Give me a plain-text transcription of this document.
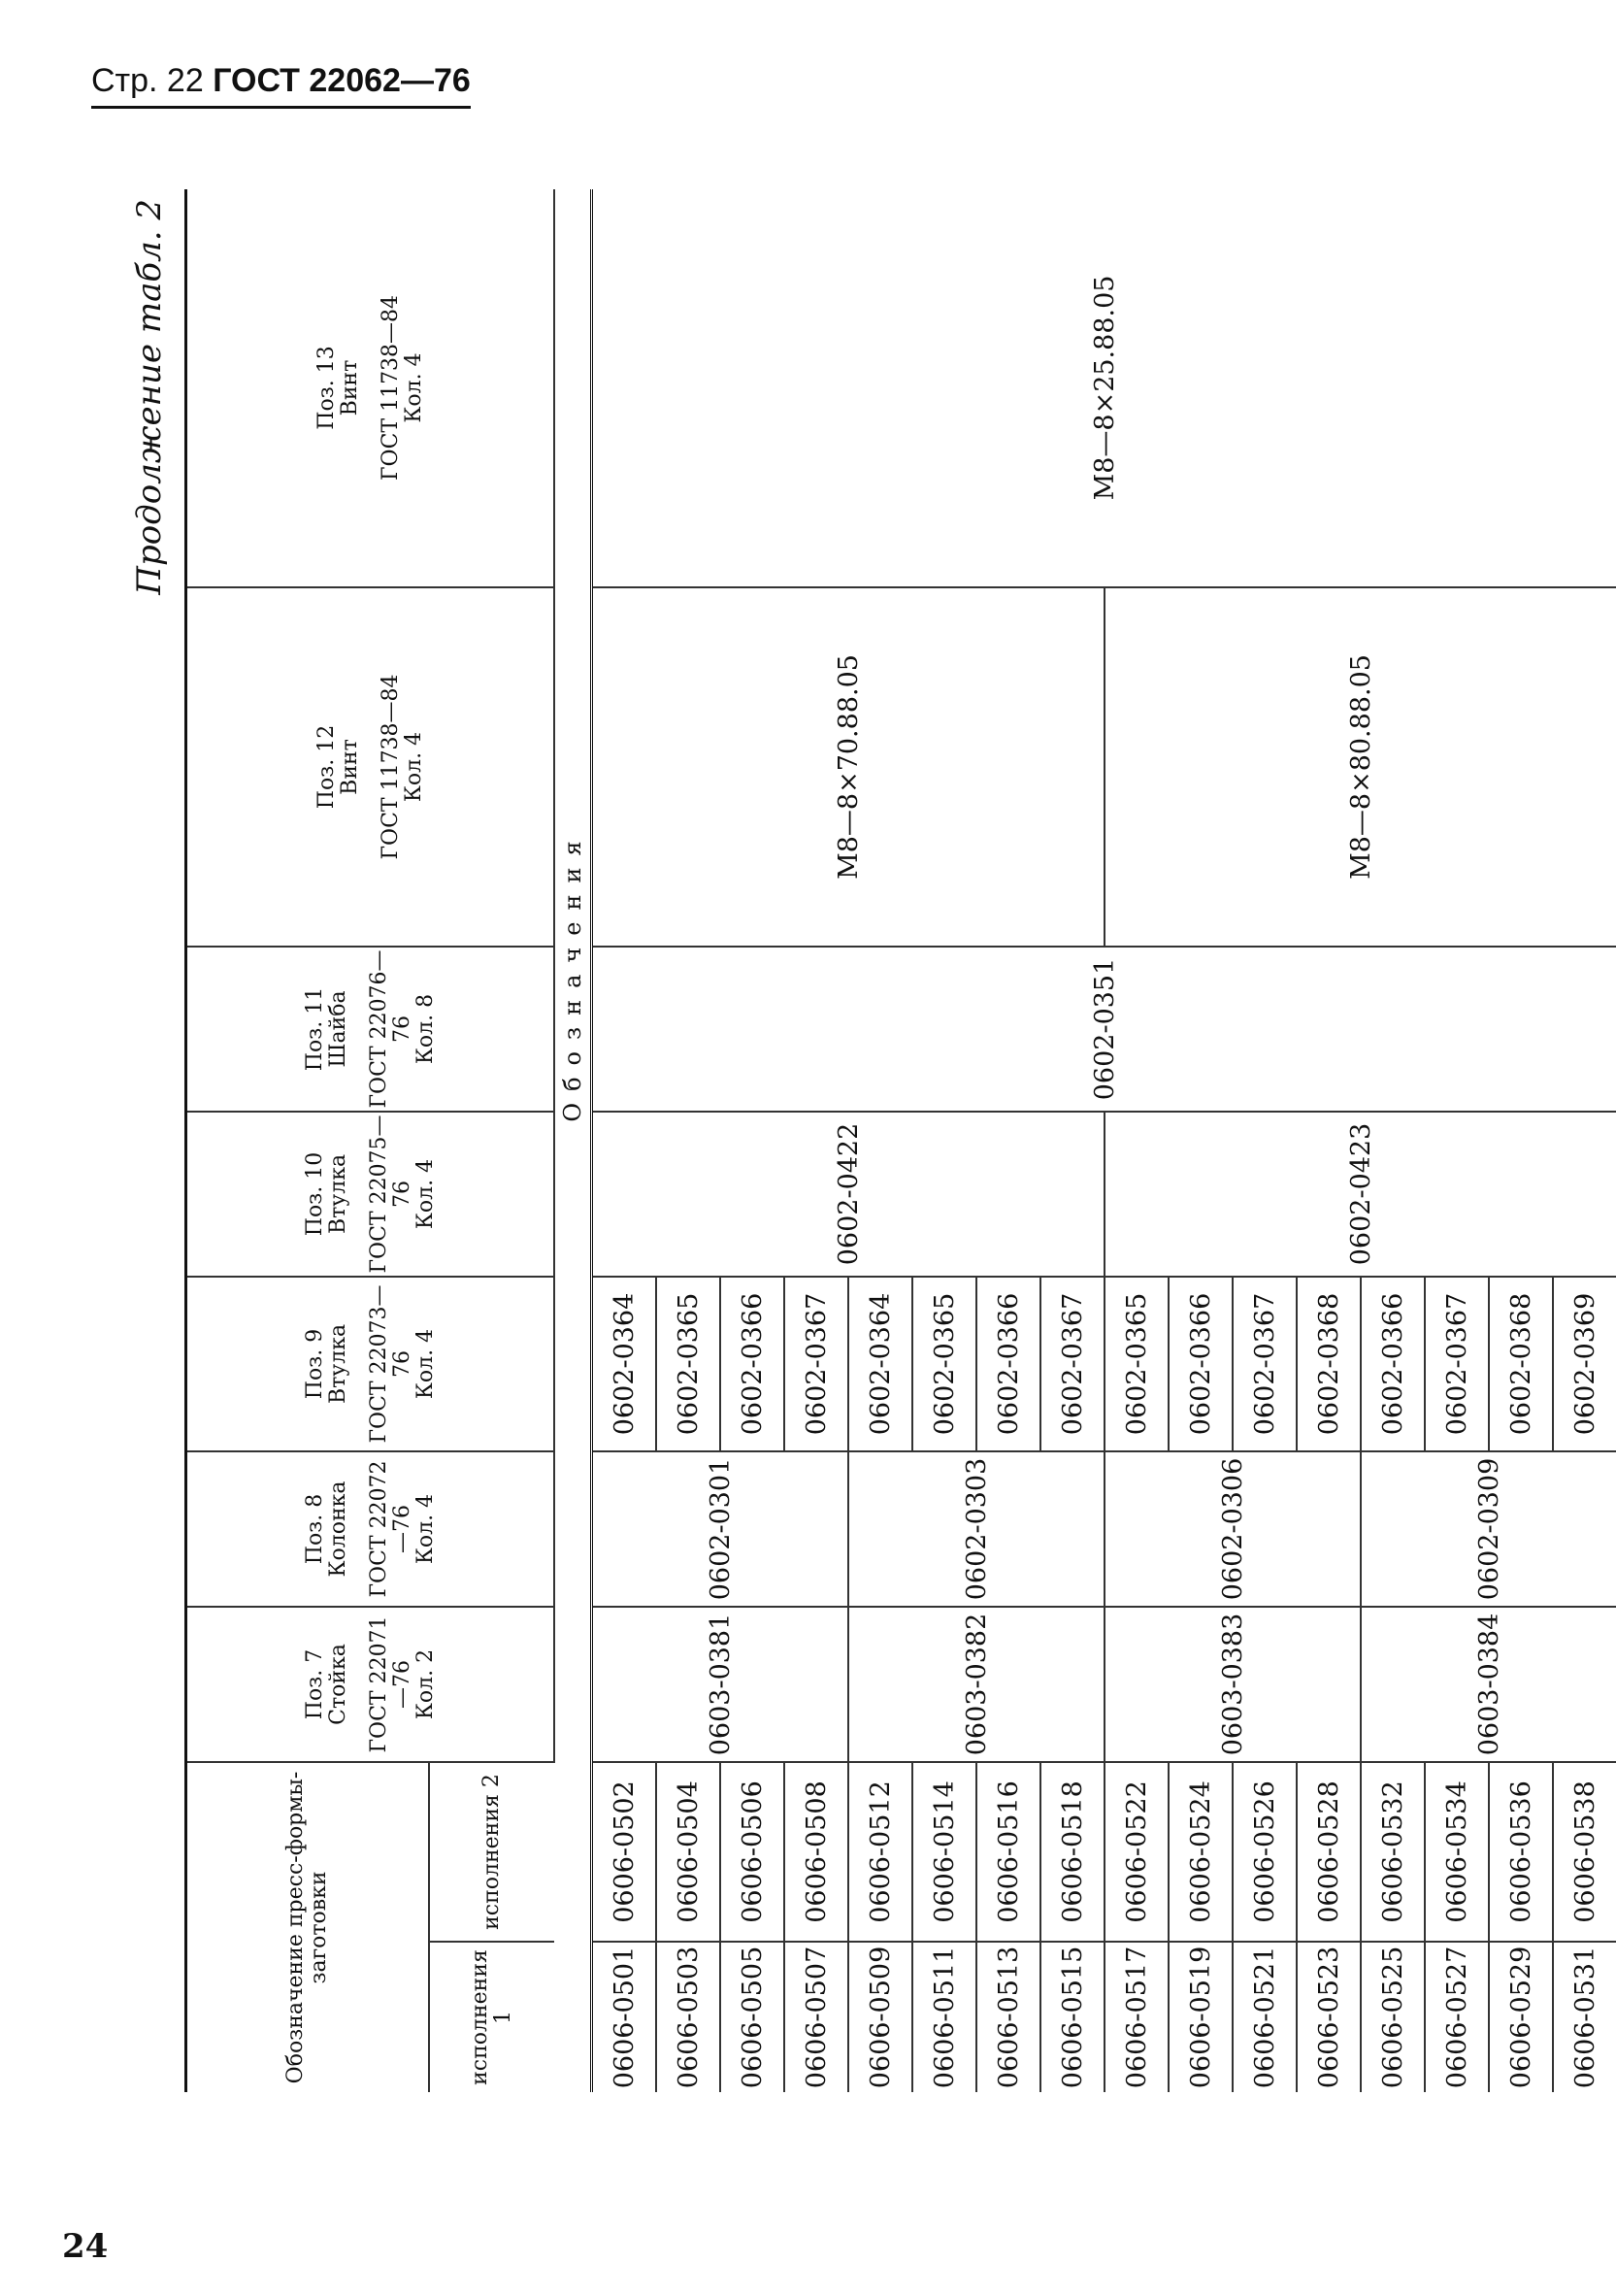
Стр. 22 ГОСТ 22062—76
24
Продолжение табл. 2
Обозначение пресс-формы-заготовки		Поз. 7 Стойка ГОСТ 22071—76 Кол. 2	Поз. 8 Колонка ГОСТ 22072—76 Кол. 4	Поз. 9 Втулка ГОСТ 22073—76 Кол. 4	Поз. 10 Втулка ГОСТ 22075—76 Кол. 4	Поз. 11 Шайба ГОСТ 22076—76 Кол. 8	Поз. 12 Винт ГОСТ 11738—84 Кол. 4	Поз. 13 Винт ГОСТ 11738—84 Кол. 4

исполнения 1	исполнения 2							
		Обозначения						
0606-0501	0606-0502	0603-0381	0602-0301	0602-0364	0602-0422	0602-0351	M8—8×70.88.05	M8—8×25.88.05
0606-0503	0606-0504			0602-0365				
0606-0505	0606-0506			0602-0366				
0606-0507	0606-0508			0602-0367				
0606-0509	0606-0512	0603-0382	0602-0303	0602-0364				
0606-0511	0606-0514			0602-0365				
0606-0513	0606-0516			0602-0366				
0606-0515	0606-0518			0602-0367				
0606-0517	0606-0522	0603-0383	0602-0306	0602-0365	0602-0423		M8—8×80.88.05	
0606-0519	0606-0524			0602-0366				
0606-0521	0606-0526			0602-0367				
0606-0523	0606-0528			0602-0368				
0606-0525	0606-0532	0603-0384	0602-0309	0602-0366				
0606-0527	0606-0534			0602-0367				
0606-0529	0606-0536			0602-0368				
0606-0531	0606-0538			0602-0369				
